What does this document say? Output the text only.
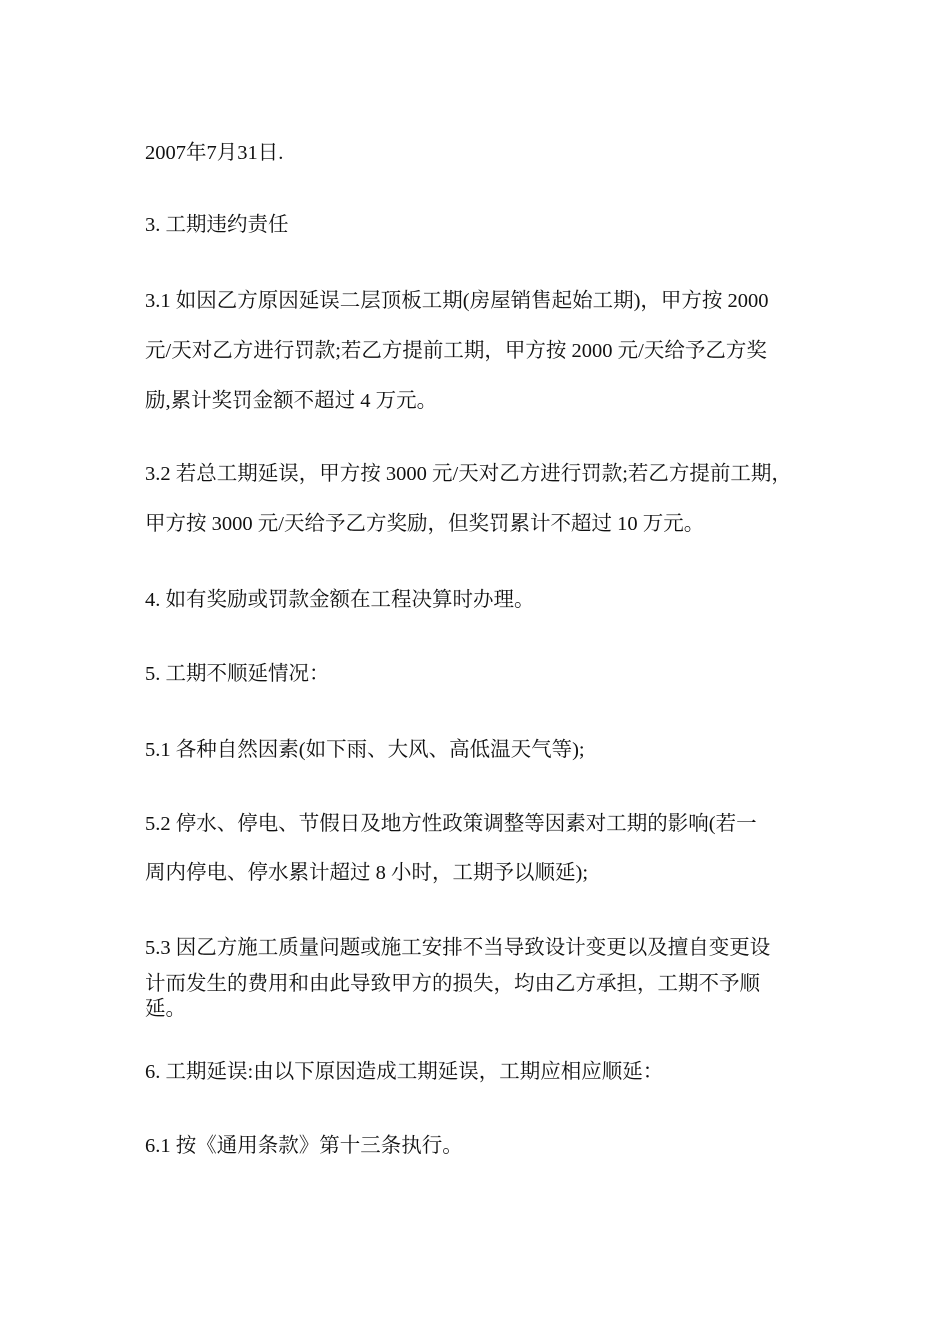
2007年7月31日.

3. 工期违约责任

3.1 如因乙方原因延误二层顶板工期(房屋销售起始工期)，甲方按 2000

元/天对乙方进行罚款;若乙方提前工期，甲方按 2000 元/天给予乙方奖

励,累计奖罚金额不超过 4 万元。

3.2 若总工期延误，甲方按 3000 元/天对乙方进行罚款;若乙方提前工期，

甲方按 3000 元/天给予乙方奖励，但奖罚累计不超过 10 万元。

4. 如有奖励或罚款金额在工程决算时办理。

5. 工期不顺延情况：

5.1 各种自然因素(如下雨、大风、高低温天气等);

5.2 停水、停电、节假日及地方性政策调整等因素对工期的影响(若一

周内停电、停水累计超过 8 小时，工期予以顺延);

5.3 因乙方施工质量问题或施工安排不当导致设计变更以及擅自变更设

计而发生的费用和由此导致甲方的损失，均由乙方承担，工期不予顺

延。

6. 工期延误:由以下原因造成工期延误，工期应相应顺延：

6.1 按《通用条款》第十三条执行。
